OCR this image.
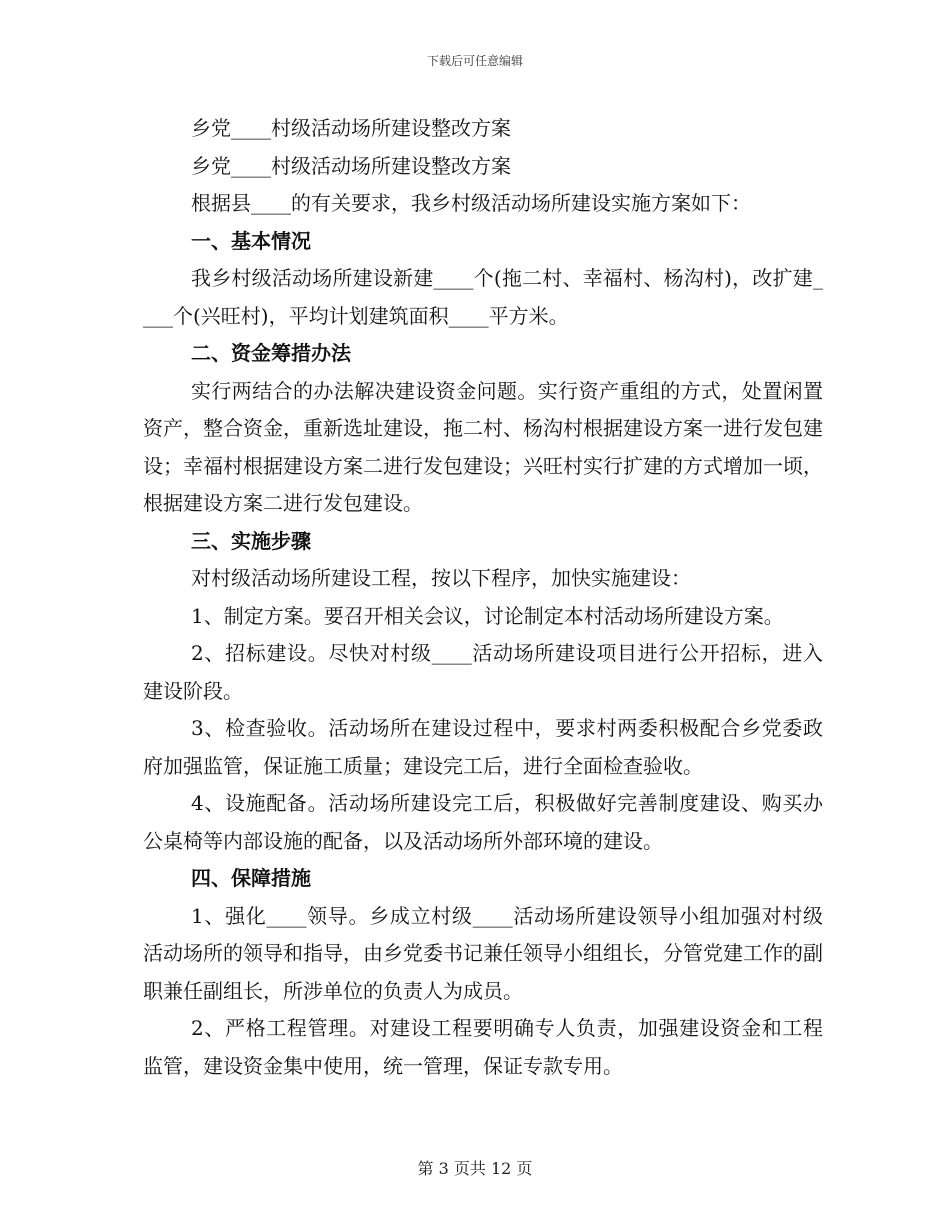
下载后可任意编辑

乡党____村级活动场所建设整改方案

乡党____村级活动场所建设整改方案

根据县____的有关要求，我乡村级活动场所建设实施方案如下：

一、基本情况

我乡村级活动场所建设新建____个(拖二村、幸福村、杨沟村)，改扩建____个(兴旺村)，平均计划建筑面积____平方米。

二、资金筹措办法

实行两结合的办法解决建设资金问题。实行资产重组的方式，处置闲置资产，整合资金，重新选址建设，拖二村、杨沟村根据建设方案一进行发包建设；幸福村根据建设方案二进行发包建设；兴旺村实行扩建的方式增加一顷，根据建设方案二进行发包建设。

三、实施步骤

对村级活动场所建设工程，按以下程序，加快实施建设：

1、制定方案。要召开相关会议，讨论制定本村活动场所建设方案。

2、招标建设。尽快对村级____活动场所建设项目进行公开招标，进入建设阶段。

3、检查验收。活动场所在建设过程中，要求村两委积极配合乡党委政府加强监管，保证施工质量；建设完工后，进行全面检查验收。

4、设施配备。活动场所建设完工后，积极做好完善制度建设、购买办公桌椅等内部设施的配备，以及活动场所外部环境的建设。

四、保障措施

1、强化____领导。乡成立村级____活动场所建设领导小组加强对村级活动场所的领导和指导，由乡党委书记兼任领导小组组长，分管党建工作的副职兼任副组长，所涉单位的负责人为成员。

2、严格工程管理。对建设工程要明确专人负责，加强建设资金和工程监管，建设资金集中使用，统一管理，保证专款专用。

第 3 页共 12 页
